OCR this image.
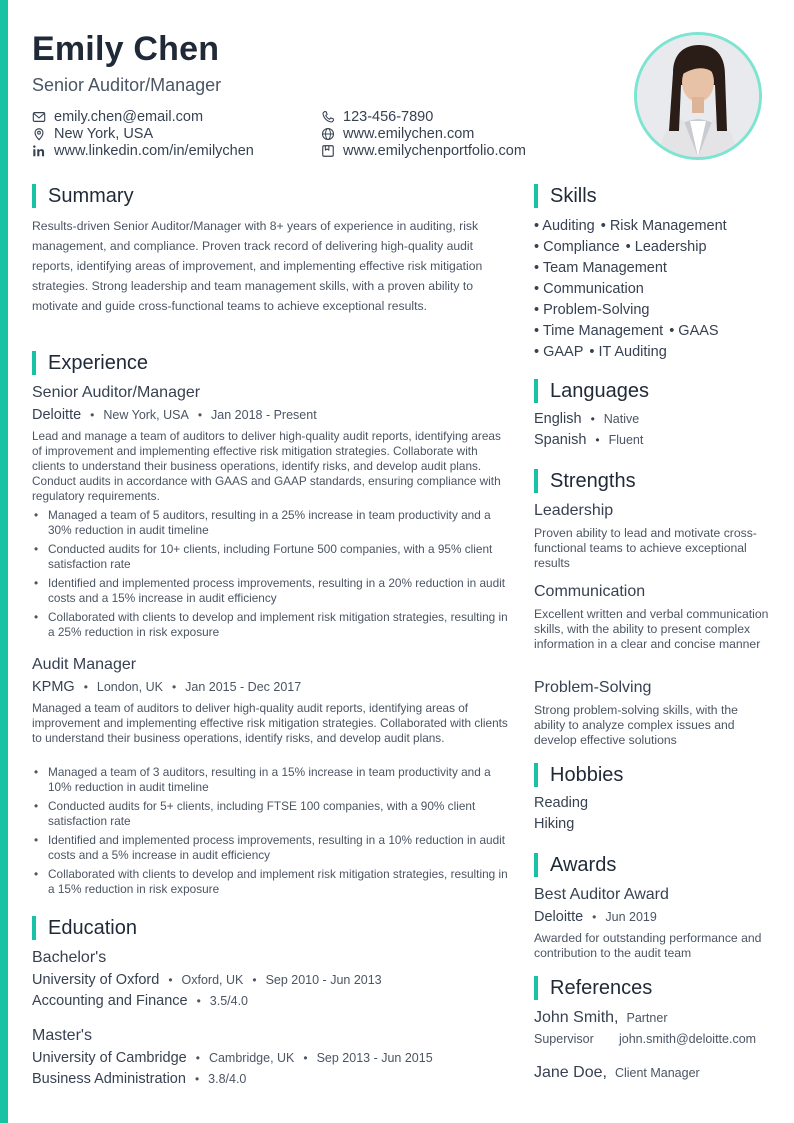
Emily Chen
Senior Auditor/Manager
emily.chen@email.com	123-456-7890
New York, USA	www.emilychen.com
www.linkedin.com/in/emilychen	www.emilychenportfolio.com
Summary

Results-driven Senior Auditor/Manager with 8+ years of experience in auditing, risk management, and compliance. Proven track record of delivering high-quality audit reports, identifying areas of improvement, and implementing effective risk mitigation strategies. Strong leadership and team management skills, with a proven ability to motivate and guide cross-functional teams to achieve exceptional results.

Experience
Senior Auditor/Manager
Deloitte • New York, USA • Jan 2018 - Present

Lead and manage a team of auditors to deliver high-quality audit reports, identifying areas of improvement and implementing effective risk mitigation strategies. Collaborate with clients to understand their business operations, identify risks, and develop audit plans. Conduct audits in accordance with GAAS and GAAP standards, ensuring compliance with regulatory requirements.

• Managed a team of 5 auditors, resulting in a 25% increase in team productivity and a 30% reduction in audit timeline
• Conducted audits for 10+ clients, including Fortune 500 companies, with a 95% client satisfaction rate
• Identified and implemented process improvements, resulting in a 20% reduction in audit costs and a 15% increase in audit efficiency
• Collaborated with clients to develop and implement risk mitigation strategies, resulting in a 25% reduction in risk exposure
Audit Manager
KPMG • London, UK • Jan 2015 - Dec 2017

Managed a team of auditors to deliver high-quality audit reports, identifying areas of improvement and implementing effective risk mitigation strategies. Collaborated with clients to understand their business operations, identify risks, and develop audit plans.

• Managed a team of 3 auditors, resulting in a 15% increase in team productivity and a 10% reduction in audit timeline
• Conducted audits for 5+ clients, including FTSE 100 companies, with a 90% client satisfaction rate
• Identified and implemented process improvements, resulting in a 10% reduction in audit costs and a 5% increase in audit efficiency
• Collaborated with clients to develop and implement risk mitigation strategies, resulting in a 15% reduction in risk exposure
Education
Bachelor's
University of Oxford • Oxford, UK • Sep 2010 - Jun 2013
Accounting and Finance • 3.5/4.0
Master's
University of Cambridge • Cambridge, UK • Sep 2013 - Jun 2015
Business Administration • 3.8/4.0
Skills
• Auditing • Risk Management
• Compliance • Leadership
• Team Management
• Communication
• Problem-Solving
• Time Management • GAAS
• GAAP • IT Auditing
Languages
English • Native
Spanish • Fluent
Strengths
Leadership

Proven ability to lead and motivate cross-functional teams to achieve exceptional results

Communication

Excellent written and verbal communication skills, with the ability to present complex information in a clear and concise manner

Problem-Solving

Strong problem-solving skills, with the ability to analyze complex issues and develop effective solutions

Hobbies
Reading
Hiking
Awards
Best Auditor Award
Deloitte • Jun 2019

Awarded for outstanding performance and contribution to the audit team

References
John Smith, Partner
Supervisor john.smith@deloitte.com
Jane Doe, Client Manager
